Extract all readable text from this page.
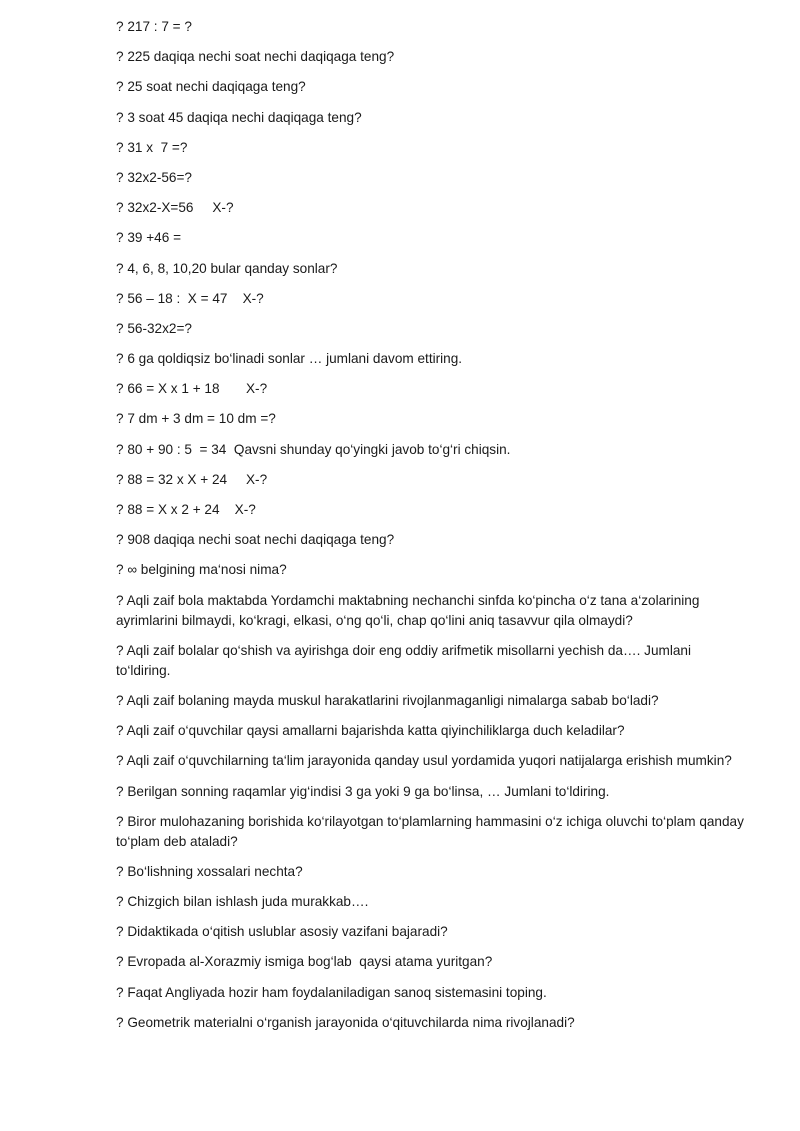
? 217 : 7 = ?

? 225 daqiqa nechi soat nechi daqiqaga teng?

? 25 soat nechi daqiqaga teng?

? 3 soat 45 daqiqa nechi daqiqaga teng?

? 31 x  7 =?

? 32x2-56=?

? 32x2-X=56     X-?

? 39 +46 =

? 4, 6, 8, 10,20 bular qanday sonlar?

? 56 – 18 :  X = 47    X-?

? 56-32x2=?

? 6 ga qoldiqsiz bo‘linadi sonlar … jumlani davom ettiring.

? 66 = X x 1 + 18       X-?

? 7 dm + 3 dm = 10 dm =?

? 80 + 90 : 5  = 34  Qavsni shunday qo‘yingki javob to‘g‘ri chiqsin.

? 88 = 32 x X + 24     X-?

? 88 = X x 2 + 24    X-?

? 908 daqiqa nechi soat nechi daqiqaga teng?

? ∞ belgining ma‘nosi nima?

? Aqli zaif bola maktabda Yordamchi maktabning nechanchi sinfda ko‘pincha o‘z tana a‘zolarining ayrimlarini bilmaydi, ko‘kragi, elkasi, o‘ng qo‘li, chap qo‘lini aniq tasavvur qila olmaydi?

? Aqli zaif bolalar qo‘shish va ayirishga doir eng oddiy arifmetik misollarni yechish da…. Jumlani to‘ldiring.

? Aqli zaif bolaning mayda muskul harakatlarini rivojlanmaganligi nimalarga sabab bo‘ladi?

? Aqli zaif o‘quvchilar qaysi amallarni bajarishda katta qiyinchiliklarga duch keladilar?

? Aqli zaif o‘quvchilarning ta‘lim jarayonida qanday usul yordamida yuqori natijalarga erishish mumkin?

? Berilgan sonning raqamlar yig‘indisi 3 ga yoki 9 ga bo‘linsa, … Jumlani to‘ldiring.

? Biror mulohazaning borishida ko‘rilayotgan to‘plamlarning hammasini o‘z ichiga oluvchi to‘plam qanday to‘plam deb ataladi?

? Bo‘lishning xossalari nechta?

? Chizgich bilan ishlash juda murakkab….

? Didaktikada o‘qitish uslublar asosiy vazifani bajaradi?

? Evropada al-Xorazmiy ismiga bog‘lab  qaysi atama yuritgan?

? Faqat Angliyada hozir ham foydalaniladigan sanoq sistemasini toping.

? Geometrik materialni o‘rganish jarayonida o‘qituvchilarda nima rivojlanadi?
